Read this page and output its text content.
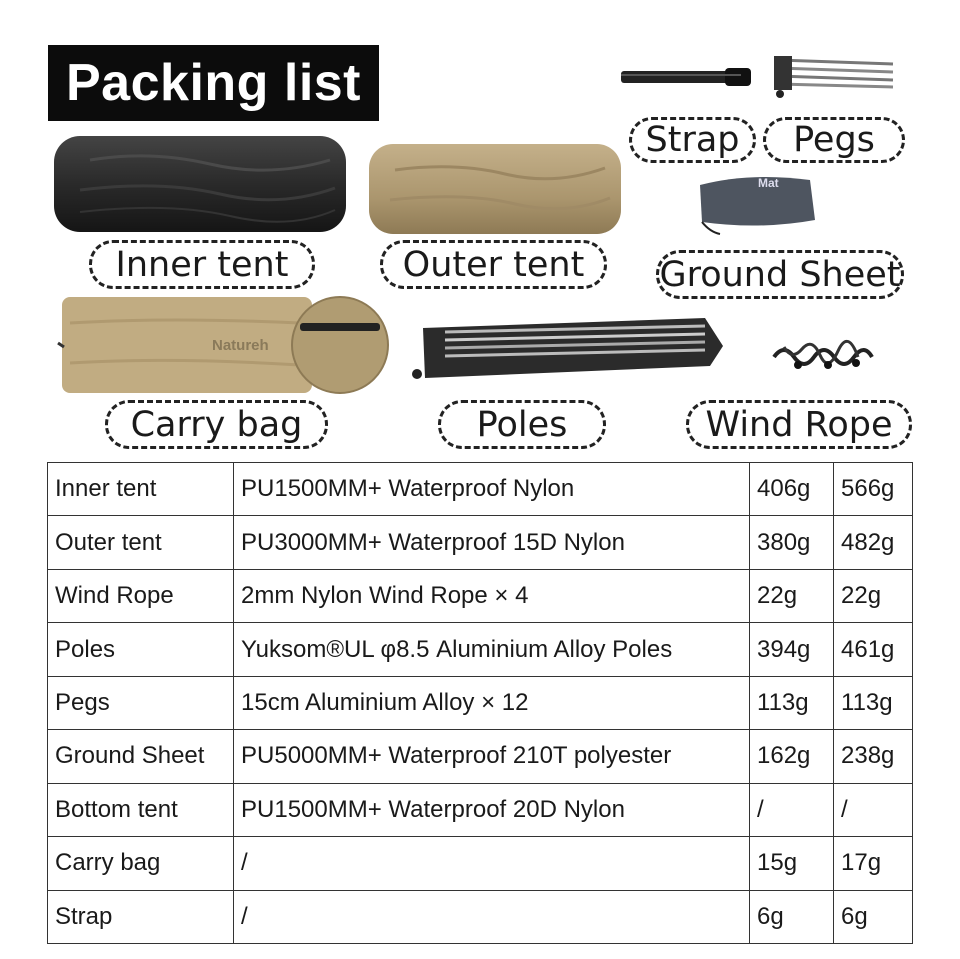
Packing list
Strap	Pegs
Mat
Inner tent	Outer tent	Ground Sheet
Natureh
Carry bag	Poles	Wind Rope
Inner tent	PU1500MM+ Waterproof Nylon	406g	566g
Outer tent	PU3000MM+ Waterproof 15D Nylon	380g	482g
Wind Rope	2mm Nylon Wind Rope × 4	22g	22g
Poles	Yuksom®UL φ8.5 Aluminium Alloy Poles	394g	461g
Pegs	15cm Aluminium Alloy × 12	113g	113g
Ground Sheet	PU5000MM+ Waterproof 210T polyester	162g	238g
Bottom tent	PU1500MM+ Waterproof 20D Nylon	/	/
Carry bag	/	15g	17g
Strap	/	6g	6g
